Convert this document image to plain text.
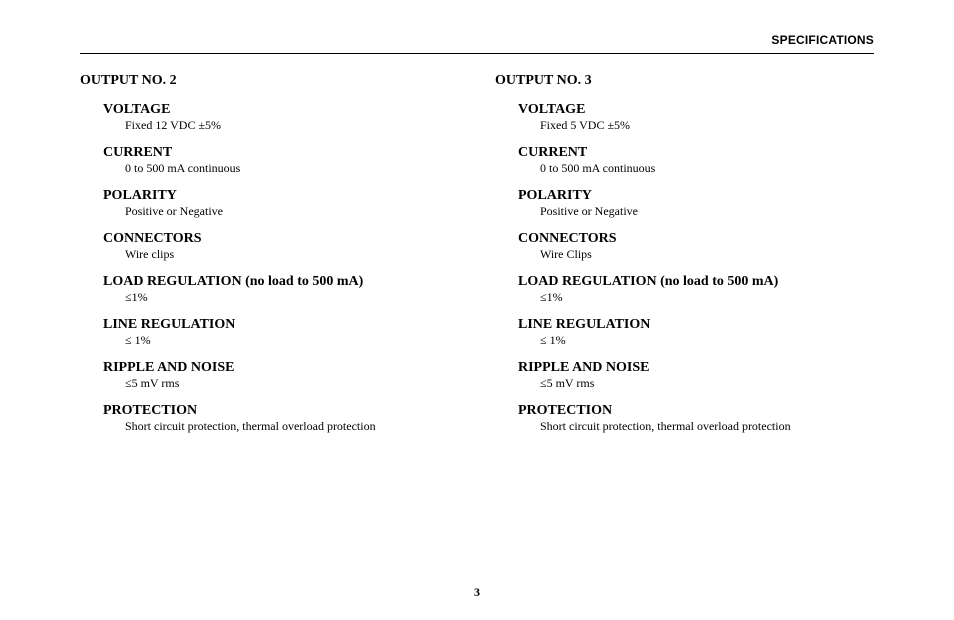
SPECIFICATIONS
OUTPUT NO. 2
VOLTAGE
Fixed 12 VDC ±5%
CURRENT
0 to 500 mA continuous
POLARITY
Positive or Negative
CONNECTORS
Wire clips
LOAD REGULATION (no load to 500 mA)
≤1%
LINE REGULATION
≤ 1%
RIPPLE AND NOISE
≤5 mV rms
PROTECTION
Short circuit protection, thermal overload protection
OUTPUT NO. 3
VOLTAGE
Fixed 5 VDC ±5%
CURRENT
0 to 500 mA continuous
POLARITY
Positive or Negative
CONNECTORS
Wire Clips
LOAD REGULATION (no load to 500 mA)
≤1%
LINE REGULATION
≤ 1%
RIPPLE AND NOISE
≤5 mV rms
PROTECTION
Short circuit protection, thermal overload protection
3
